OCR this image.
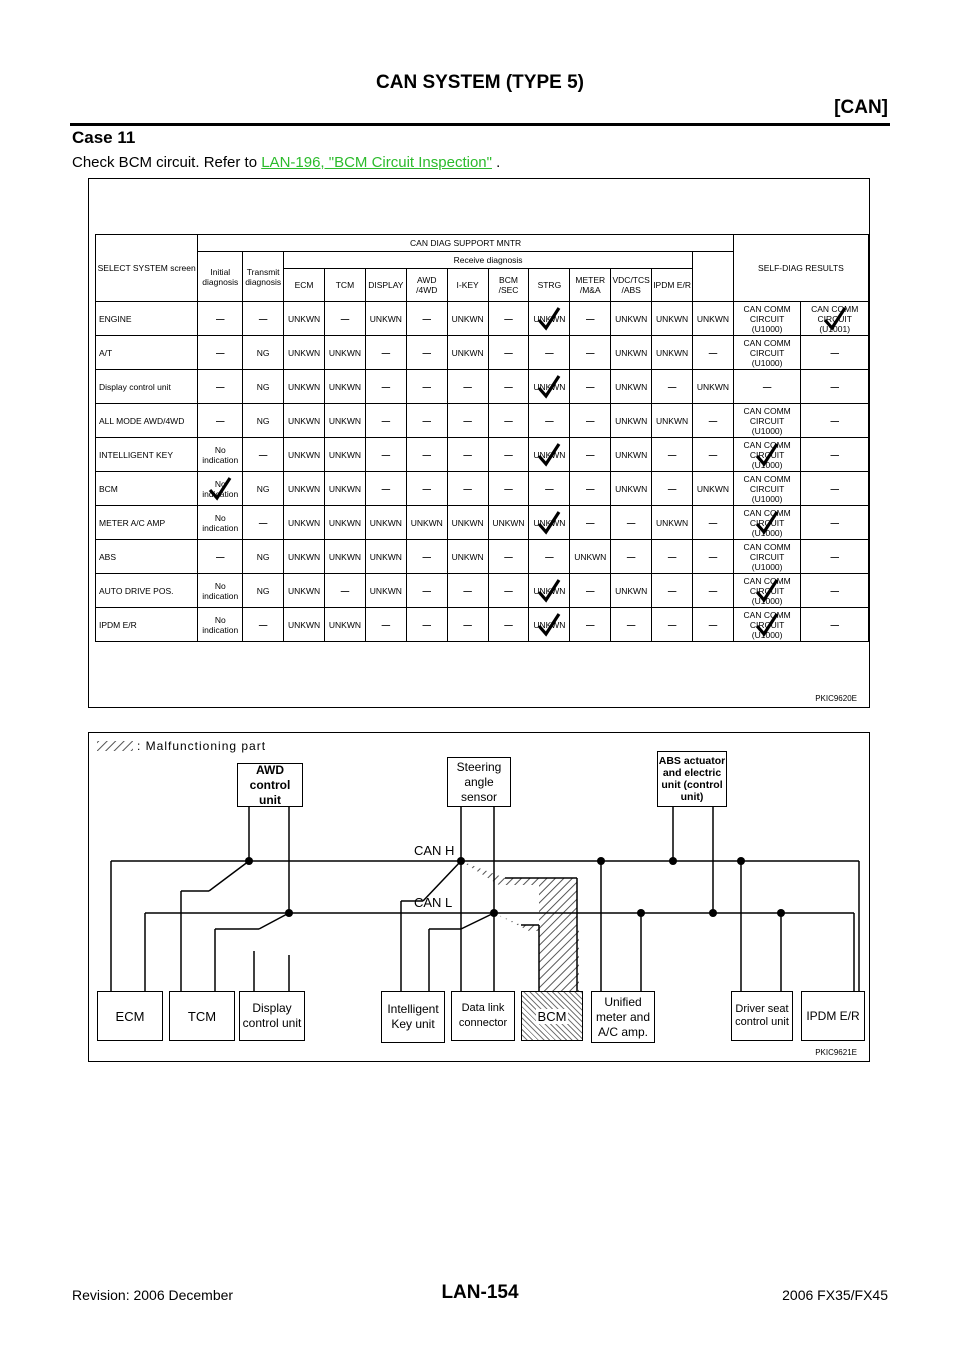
CAN SYSTEM (TYPE 5)
[CAN]
Case 11
Check BCM circuit. Refer to LAN-196, "BCM Circuit Inspection" .
SELECT SYSTEM screen	CAN DIAG SUPPORT MNTR													SELF-DIAG RESULTS	
	Initial diagnosis	Transmit diagnosis	Receive diagnosis												
			ECM	TCM	DISPLAY	AWD /4WD	I-KEY	BCM /SEC	STRG	METER /M&A	VDC/TCS /ABS	IPDM E/R			
ENGINE	—	—	UNKWN	—	UNKWN	—	UNKWN	—	UNKWN	—	UNKWN	UNKWN	UNKWN	CAN COMM CIRCUIT (U1000)	CAN COMM CIRCUIT (U1001)

A/T	—	NG	UNKWN	UNKWN	—	—	UNKWN	—	—	—	UNKWN	UNKWN	—	CAN COMM CIRCUIT (U1000)	—
Display control unit	—	NG	UNKWN	UNKWN	—	—	—	—	UNKWN	—	UNKWN	—	UNKWN	—	—
ALL MODE AWD/4WD	—	NG	UNKWN	UNKWN	—	—	—	—	—	—	UNKWN	UNKWN	—	CAN COMM CIRCUIT (U1000)	—
INTELLIGENT KEY	No indication	—	UNKWN	UNKWN	—	—	—	—	UNKWN	—	UNKWN	—	—	CAN COMM CIRCUIT (U1000)	—
BCM	No indication	NG	UNKWN	UNKWN	—	—	—	—	—	—	UNKWN	—	UNKWN	CAN COMM CIRCUIT (U1000)	—
METER A/C AMP	No indication	—	UNKWN	UNKWN	UNKWN	UNKWN	UNKWN	UNKWN	UNKWN	—	—	UNKWN	—	CAN COMM CIRCUIT (U1000)	—
ABS	—	NG	UNKWN	UNKWN	UNKWN	—	UNKWN	—	—	UNKWN	—	—	—	CAN COMM CIRCUIT (U1000)	—
AUTO DRIVE POS.	No indication	NG	UNKWN	—	UNKWN	—	—	—	UNKWN	—	UNKWN	—	—	CAN COMM CIRCUIT (U1000)	—
IPDM E/R	No indication	—	UNKWN	UNKWN	—	—	—	—	UNKWN	—	—	—	—	CAN COMM CIRCUIT (U1000)	—
PKIC9620E
: Malfunctioning part
CAN H
CAN L
AWD control unit
Steering angle sensor
ABS actuator and electric unit (control unit)
ECM	TCM
Display control unit
Intelligent Key unit
Data link connector	BCM
Unified meter and A/C amp.
Driver seat control unit IPDM E/R
PKIC9621E
Revision: 2006 December	LAN-154	2006 FX35/FX45
